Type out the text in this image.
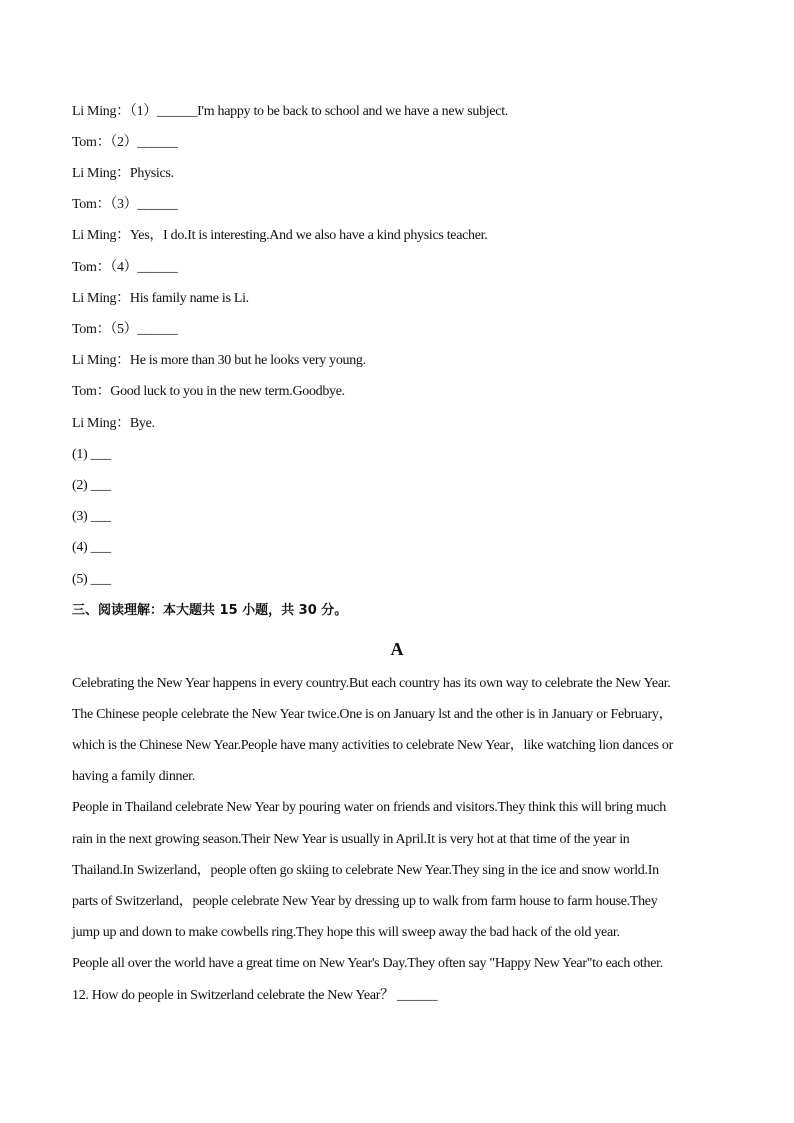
Li Ming：（1）______I'm happy to be back to school and we have a new subject.
Tom：（2）______
Li Ming：Physics.
Tom：（3）______
Li Ming：Yes，I do.It is interesting.And we also have a kind physics teacher.
Tom：（4）______
Li Ming：His family name is Li.
Tom：（5）______
Li Ming：He is more than 30 but he looks very young.
Tom：Good luck to you in the new term.Goodbye.
Li Ming：Bye.
(1) ___
(2) ___
(3) ___
(4) ___
(5) ___
三、阅读理解：本大题共 15 小题，共 30 分。
A
Celebrating the New Year happens in every country.But each country has its own way to celebrate the New Year.
The Chinese people celebrate the New Year twice.One is on January lst and the other is in January or February，
which is the Chinese New Year.People have many activities to celebrate New Year，like watching lion dances or
having a family dinner.
People in Thailand celebrate New Year by pouring water on friends and visitors.They think this will bring much
rain in the next growing season.Their New Year is usually in April.It is very hot at that time of the year in
Thailand.In Swizerland，people often go skiing to celebrate New Year.They sing in the ice and snow world.In
parts of Switzerland，people celebrate New Year by dressing up to walk from farm house to farm house.They
jump up and down to make cowbells ring.They hope this will sweep away the bad hack of the old year.
People all over the world have a great time on New Year's Day.They often say "Happy New Year"to each other.
12. How do people in Switzerland celebrate the New Year？ ______
